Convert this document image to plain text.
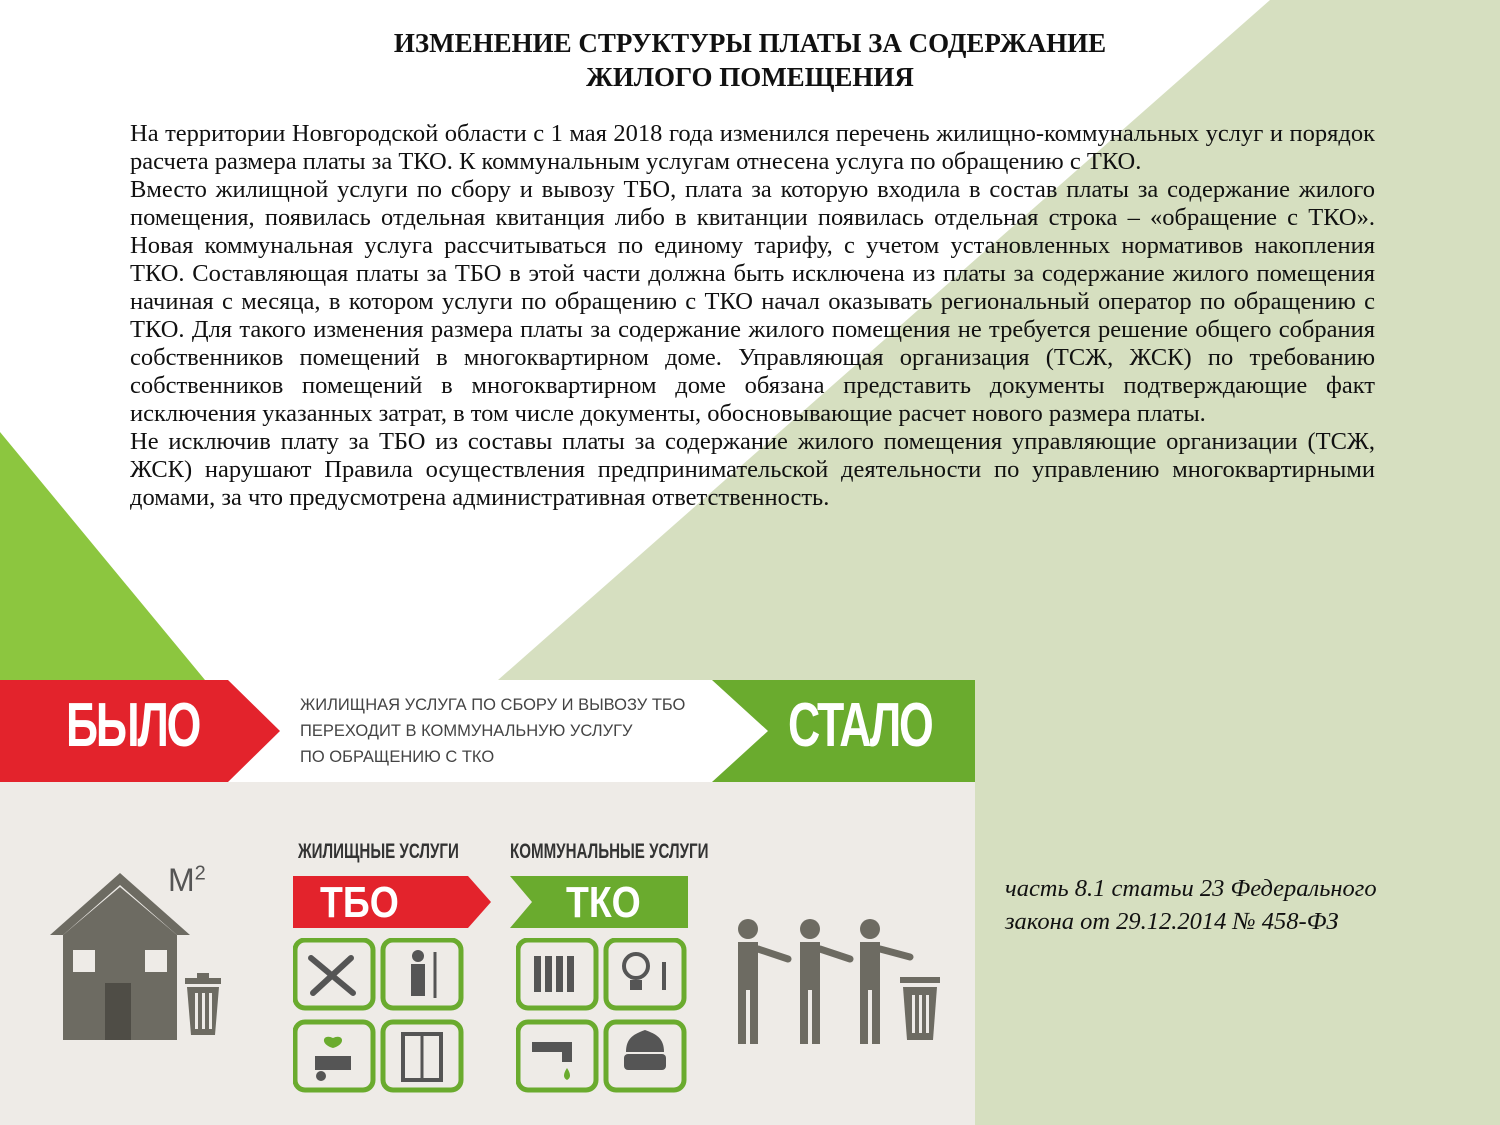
ИЗМЕНЕНИЕ СТРУКТУРЫ ПЛАТЫ ЗА СОДЕРЖАНИЕ
ЖИЛОГО ПОМЕЩЕНИЯ

На территории Новгородской области с 1 мая 2018 года изменился перечень жилищно-коммунальных услуг и порядок расчета размера платы за ТКО. К коммунальным услугам отнесена услуга по обращению с ТКО.

Вместо жилищной услуги по сбору и вывозу ТБО, плата за которую входила в состав платы за содержание жилого помещения, появилась отдельная квитанция либо в квитанции появилась отдельная строка – «обращение с ТКО». Новая коммунальная услуга рассчитываться по единому тарифу, с учетом установленных нормативов накопления ТКО. Составляющая платы за ТБО в этой части должна быть исключена из платы за содержание жилого помещения начиная с месяца, в котором услуги по обращению с ТКО начал оказывать региональный оператор по обращению с ТКО. Для такого изменения размера платы за содержание жилого помещения не требуется решение общего собрания собственников помещений в многоквартирном доме. Управляющая организация (ТСЖ, ЖСК) по требованию собственников помещений в многоквартирном доме обязана представить документы подтверждающие факт исключения указанных затрат, в том числе документы, обосновывающие расчет нового размера платы.

Не исключив плату за ТБО из составы платы за содержание жилого помещения управляющие организации (ТСЖ, ЖСК) нарушают Правила осуществления предпринимательской деятельности по управлению многоквартирными домами, за что предусмотрена административная ответственность.

БЫЛО	СТАЛО
ЖИЛИЩНАЯ УСЛУГА ПО СБОРУ И ВЫВОЗУ ТБО
ПЕРЕХОДИТ В КОММУНАЛЬНУЮ УСЛУГУ
ПО ОБРАЩЕНИЮ С ТКО
$М^2$
ЖИЛИЩНЫЕ УСЛУГИ
ТБО
КОММУНАЛЬНЫЕ УСЛУГИ
ТКО	часть 8.1 статьи 23 Федерального
закона от 29.12.2014 № 458-ФЗ
